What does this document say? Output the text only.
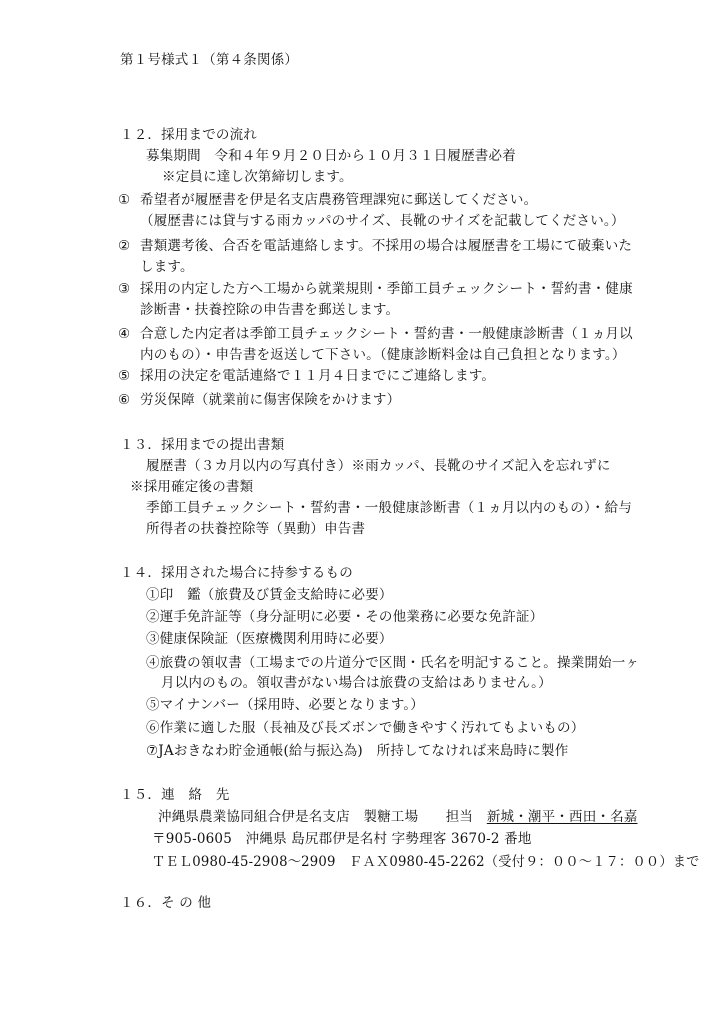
第１号様式１（第４条関係）
１２．採用までの流れ
募集期間　令和４年９月２０日から１０月３１日履歴書必着
※定員に達し次第締切します。
① 希望者が履歴書を伊是名支店農務管理課宛に郵送してください。
（履歴書には貸与する雨カッパのサイズ、長靴のサイズを記載してください。）
② 書類選考後、合否を電話連絡します。不採用の場合は履歴書を工場にて破棄いた
します。
③ 採用の内定した方へ工場から就業規則・季節工員チェックシート・誓約書・健康
診断書・扶養控除の申告書を郵送します。
④ 合意した内定者は季節工員チェックシート・誓約書・一般健康診断書（１ヵ月以
内のもの）・申告書を返送して下さい。（健康診断料金は自己負担となります。）
⑤ 採用の決定を電話連絡で１１月４日までにご連絡します。
⑥ 労災保障（就業前に傷害保険をかけます）
１３．採用までの提出書類
履歴書（３カ月以内の写真付き）※雨カッパ、長靴のサイズ記入を忘れずに
※採用確定後の書類
季節工員チェックシート・誓約書・一般健康診断書（１ヵ月以内のもの）・給与
所得者の扶養控除等（異動）申告書
１４．採用された場合に持参するもの
①印　鑑（旅費及び賃金支給時に必要）
②運手免許証等（身分証明に必要・その他業務に必要な免許証）
③健康保険証（医療機関利用時に必要）
④旅費の領収書（工場までの片道分で区間・氏名を明記すること。操業開始一ヶ
月以内のもの。領収書がない場合は旅費の支給はありません。）
⑤マイナンバー（採用時、必要となります。）
⑥作業に適した服（長袖及び長ズボンで働きやすく汚れてもよいもの）
⑦JAおきなわ貯金通帳(給与振込為)　所持してなければ来島時に製作
１５．連　絡　先
沖縄県農業協同組合伊是名支店　製糖工場　　担当　 新城・潮平・西田・名嘉
〒905-0605　沖縄県 島尻郡伊是名村 字勢理客 3670-2 番地
ＴＥＬ0980-45-2908〜2909　ＦＡＸ0980-45-2262（受付９：００〜１７：００）まで
１６．そ の 他
